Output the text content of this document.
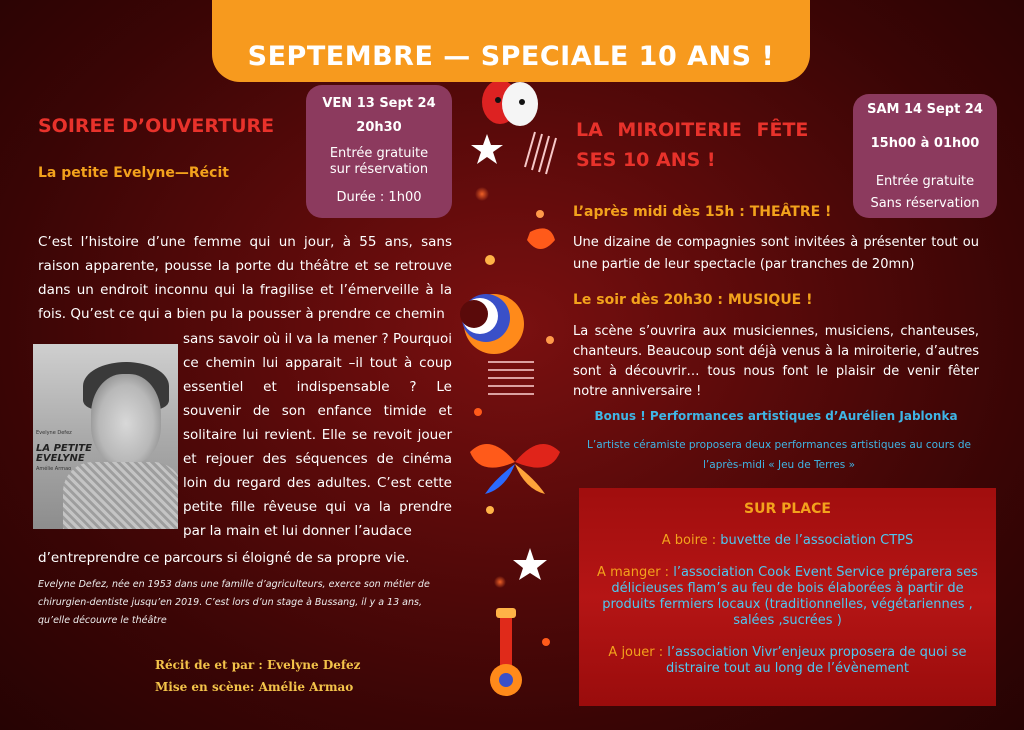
SEPTEMBRE — SPECIALE 10 ANS !
SOIREE D’OUVERTURE
La petite Evelyne—Récit
VEN 13 Sept 24
20h30
Entrée gratuite sur réservation
Durée : 1h00
C’est l’histoire d’une femme qui un jour, à 55 ans, sans raison apparente, pousse la porte du théâtre et se retrouve dans un endroit inconnu qui la fragilise et l’émerveille à la fois. Qu’est ce qui a bien pu la pousser à prendre ce chemin
Evelyne Defez
LA PETITE
EVELYNE
Amélie Armao
sans savoir où il va la mener ? Pourquoi ce chemin lui apparait –il tout à coup essentiel et indispensable ? Le souvenir de son enfance timide et solitaire lui revient. Elle se revoit jouer et rejouer des séquences de cinéma loin du regard des adultes. C’est cette petite fille rêveuse qui va la prendre par la main et lui donner l’audace
d’entreprendre ce parcours si éloigné de sa propre vie.
Evelyne Defez, née en 1953 dans une famille d’agriculteurs, exerce son métier de chirurgien-dentiste jusqu’en 2019. C’est lors d’un stage à Bussang, il y a 13 ans, qu’elle découvre le théâtre
Récit de et par : Evelyne Defez
Mise en scène: Amélie Armao
LA MIROITERIE FÊTE
SES 10 ANS !
SAM 14 Sept 24
15h00 à 01h00
Entrée gratuite
Sans réservation
L’après midi dès 15h : THEÂTRE !
Une dizaine de compagnies sont invitées à présenter tout ou une partie de leur spectacle (par tranches de 20mn)
Le soir dès 20h30 : MUSIQUE !
La scène s’ouvrira aux musiciennes, musiciens, chanteuses, chanteurs. Beaucoup sont déjà venus à la miroiterie, d’autres sont à découvrir… tous nous font le plaisir de venir fêter notre anniversaire !
Bonus ! Performances artistiques d’Aurélien Jablonka
L’artiste céramiste proposera deux performances artistiques au cours de l’après-midi « Jeu de Terres »
SUR PLACE
A boire : buvette de l’association CTPS
A manger : l’association Cook Event Service préparera ses délicieuses flam’s au feu de bois élaborées à partir de produits fermiers locaux (traditionnelles, végétariennes , salées ,sucrées )
A jouer : l’association Vivr’enjeux proposera de quoi se distraire tout au long de l’évènement
